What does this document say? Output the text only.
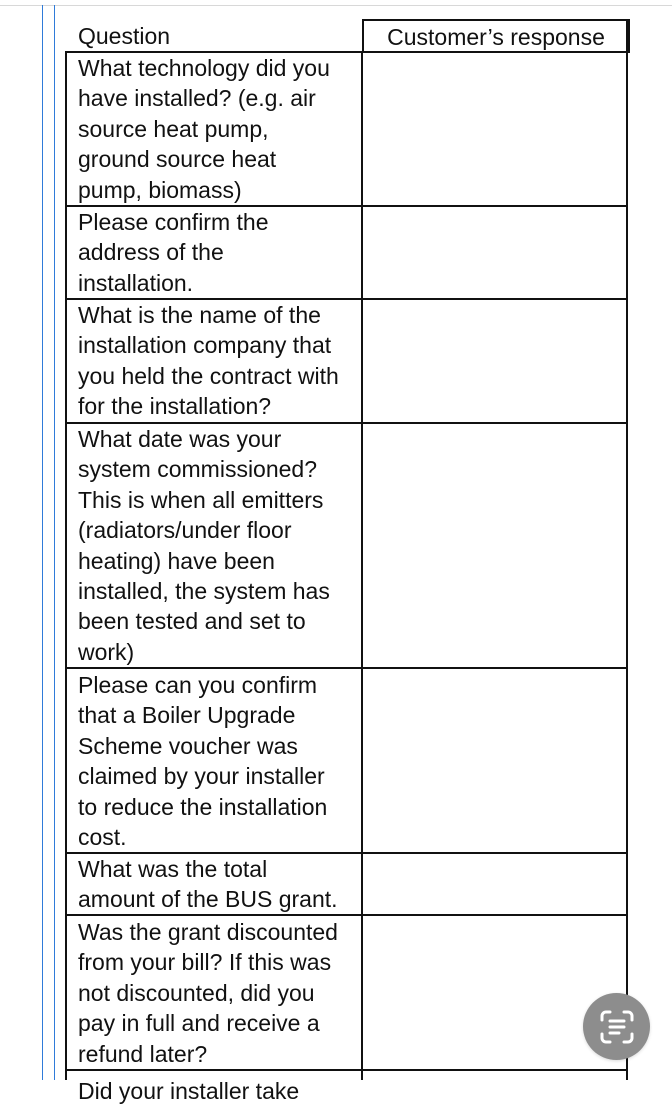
Question	Customer’s response
What technology did you
have installed? (e.g. air
source heat pump,
ground source heat
pump, biomass)
Please confirm the
address of the
installation.
What is the name of the
installation company that
you held the contract with
for the installation?
What date was your
system commissioned?
This is when all emitters
(radiators/under floor
heating) have been
installed, the system has
been tested and set to
work)
Please can you confirm
that a Boiler Upgrade
Scheme voucher was
claimed by your installer
to reduce the installation
cost.
What was the total
amount of the BUS grant.
Was the grant discounted
from your bill? If this was
not discounted, did you
pay in full and receive a
refund later?
Did your installer take
